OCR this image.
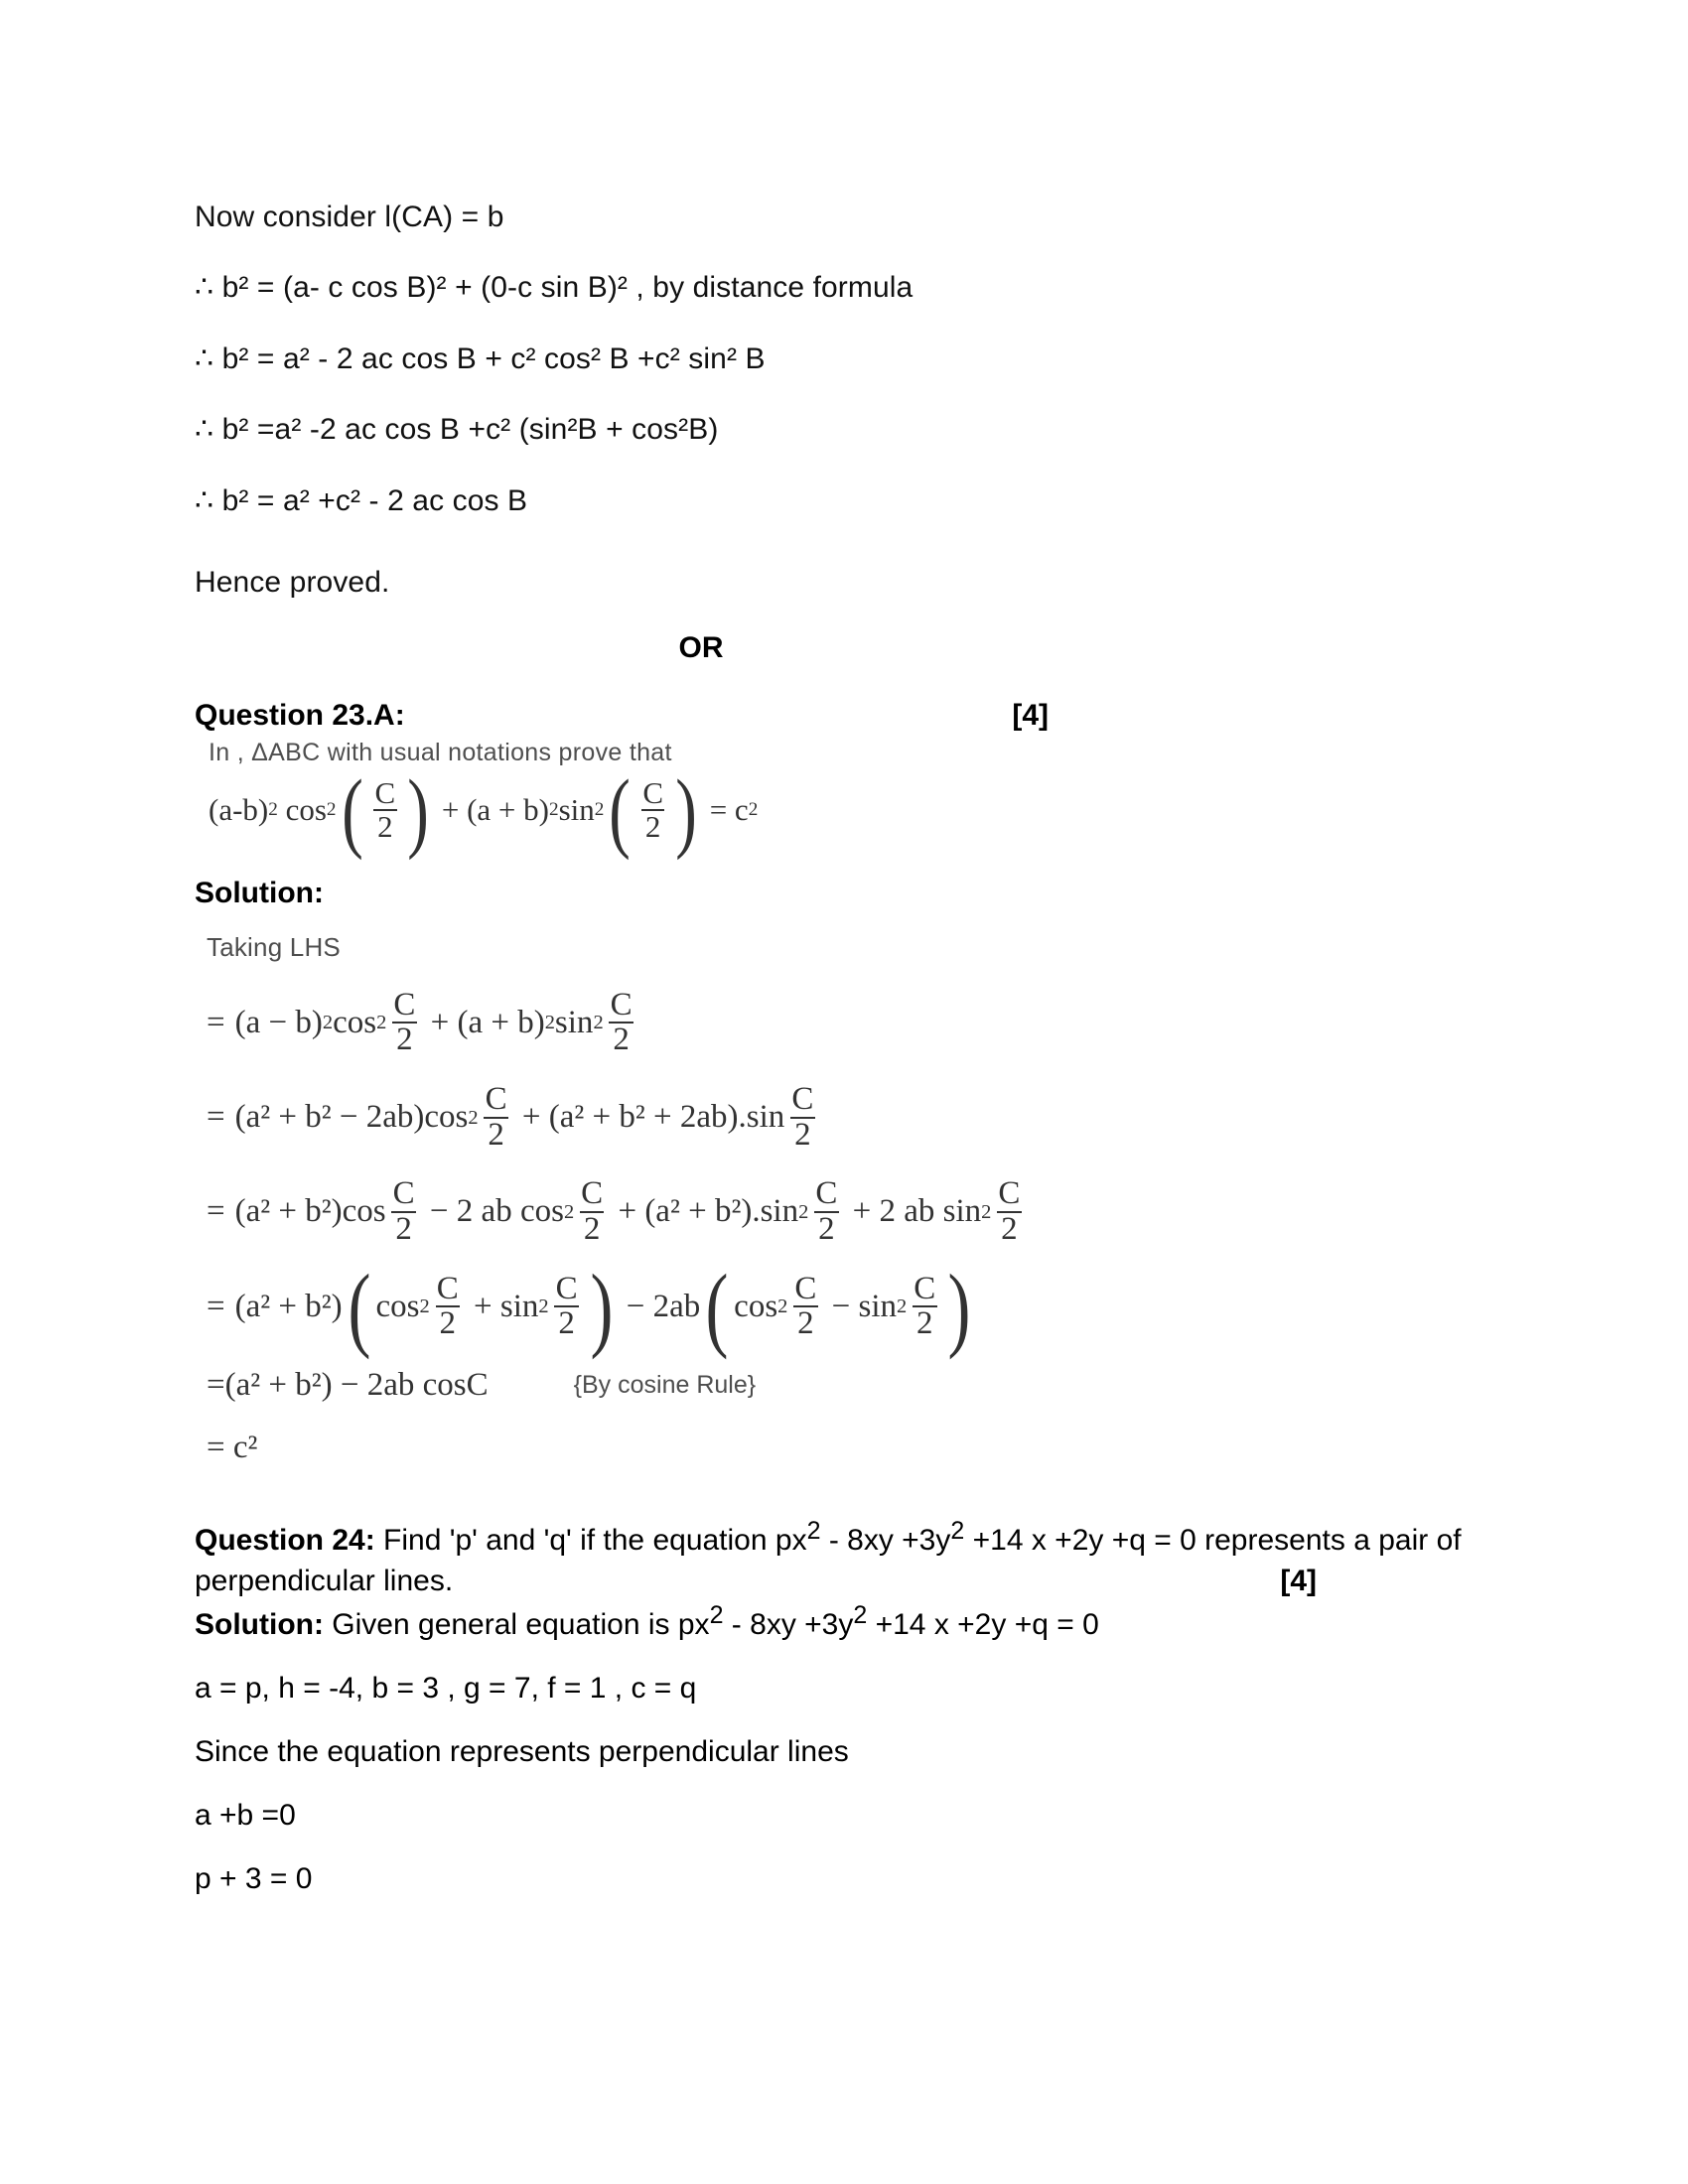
Now consider l(CA) = b
∴ b² = (a- c cos B)² + (0-c sin B)² , by distance formula
∴ b² = a² - 2 ac cos B + c² cos² B +c² sin² B
∴ b² =a² -2 ac cos B +c² (sin²B + cos²B)
∴ b² = a² +c² - 2 ac cos B
Hence proved.
OR
Question 23.A:	[4]
In , ΔABC with usual notations prove that
(a-b) 2
cos 2 ( $\frac{C}{2}$ )
+
(a + b) 2 sin 2 ( $\frac{C}{2}$ )
=
c 2
Solution:
Taking LHS
= (a − b) 2 $\cos 2 \frac{C}{2}$
+
(a + b) 2 $\sin 2 \frac{C}{2}$
= (a² + b² − 2ab) $\cos 2 \frac{C}{2}$
+
(a² + b² + 2ab) . $\sin \frac{C}{2}$
= (a² + b²) $\cos \frac{C}{2}$
−
2 ab
$\cos 2 \frac{C}{2}$
+
(a² + b²) . $\sin 2 \frac{C}{2}$
+
2 ab
$\sin 2 \frac{C}{2}$
= (a² + b²) ( $\cos 2 \frac{C}{2}$
+
$\sin 2 \frac{C}{2}$ )
−
2ab ( $\cos 2 \frac{C}{2}$
−
$\sin 2 \frac{C}{2}$ )
=(a² + b²) − 2ab cosC	{By cosine Rule}
= c²
Question 24: Find 'p' and 'q' if the equation $px^2 - 8xy +3y^2 +14$ x +2y +q = 0 represents a pair of perpendicular lines.	[4]
Solution: Given general equation is $px^2 - 8xy +3y^2 +14$ x +2y +q = 0
a = p, h = -4, b = 3 , g = 7, f = 1 , c = q
Since the equation represents perpendicular lines
a +b =0
p + 3 = 0
